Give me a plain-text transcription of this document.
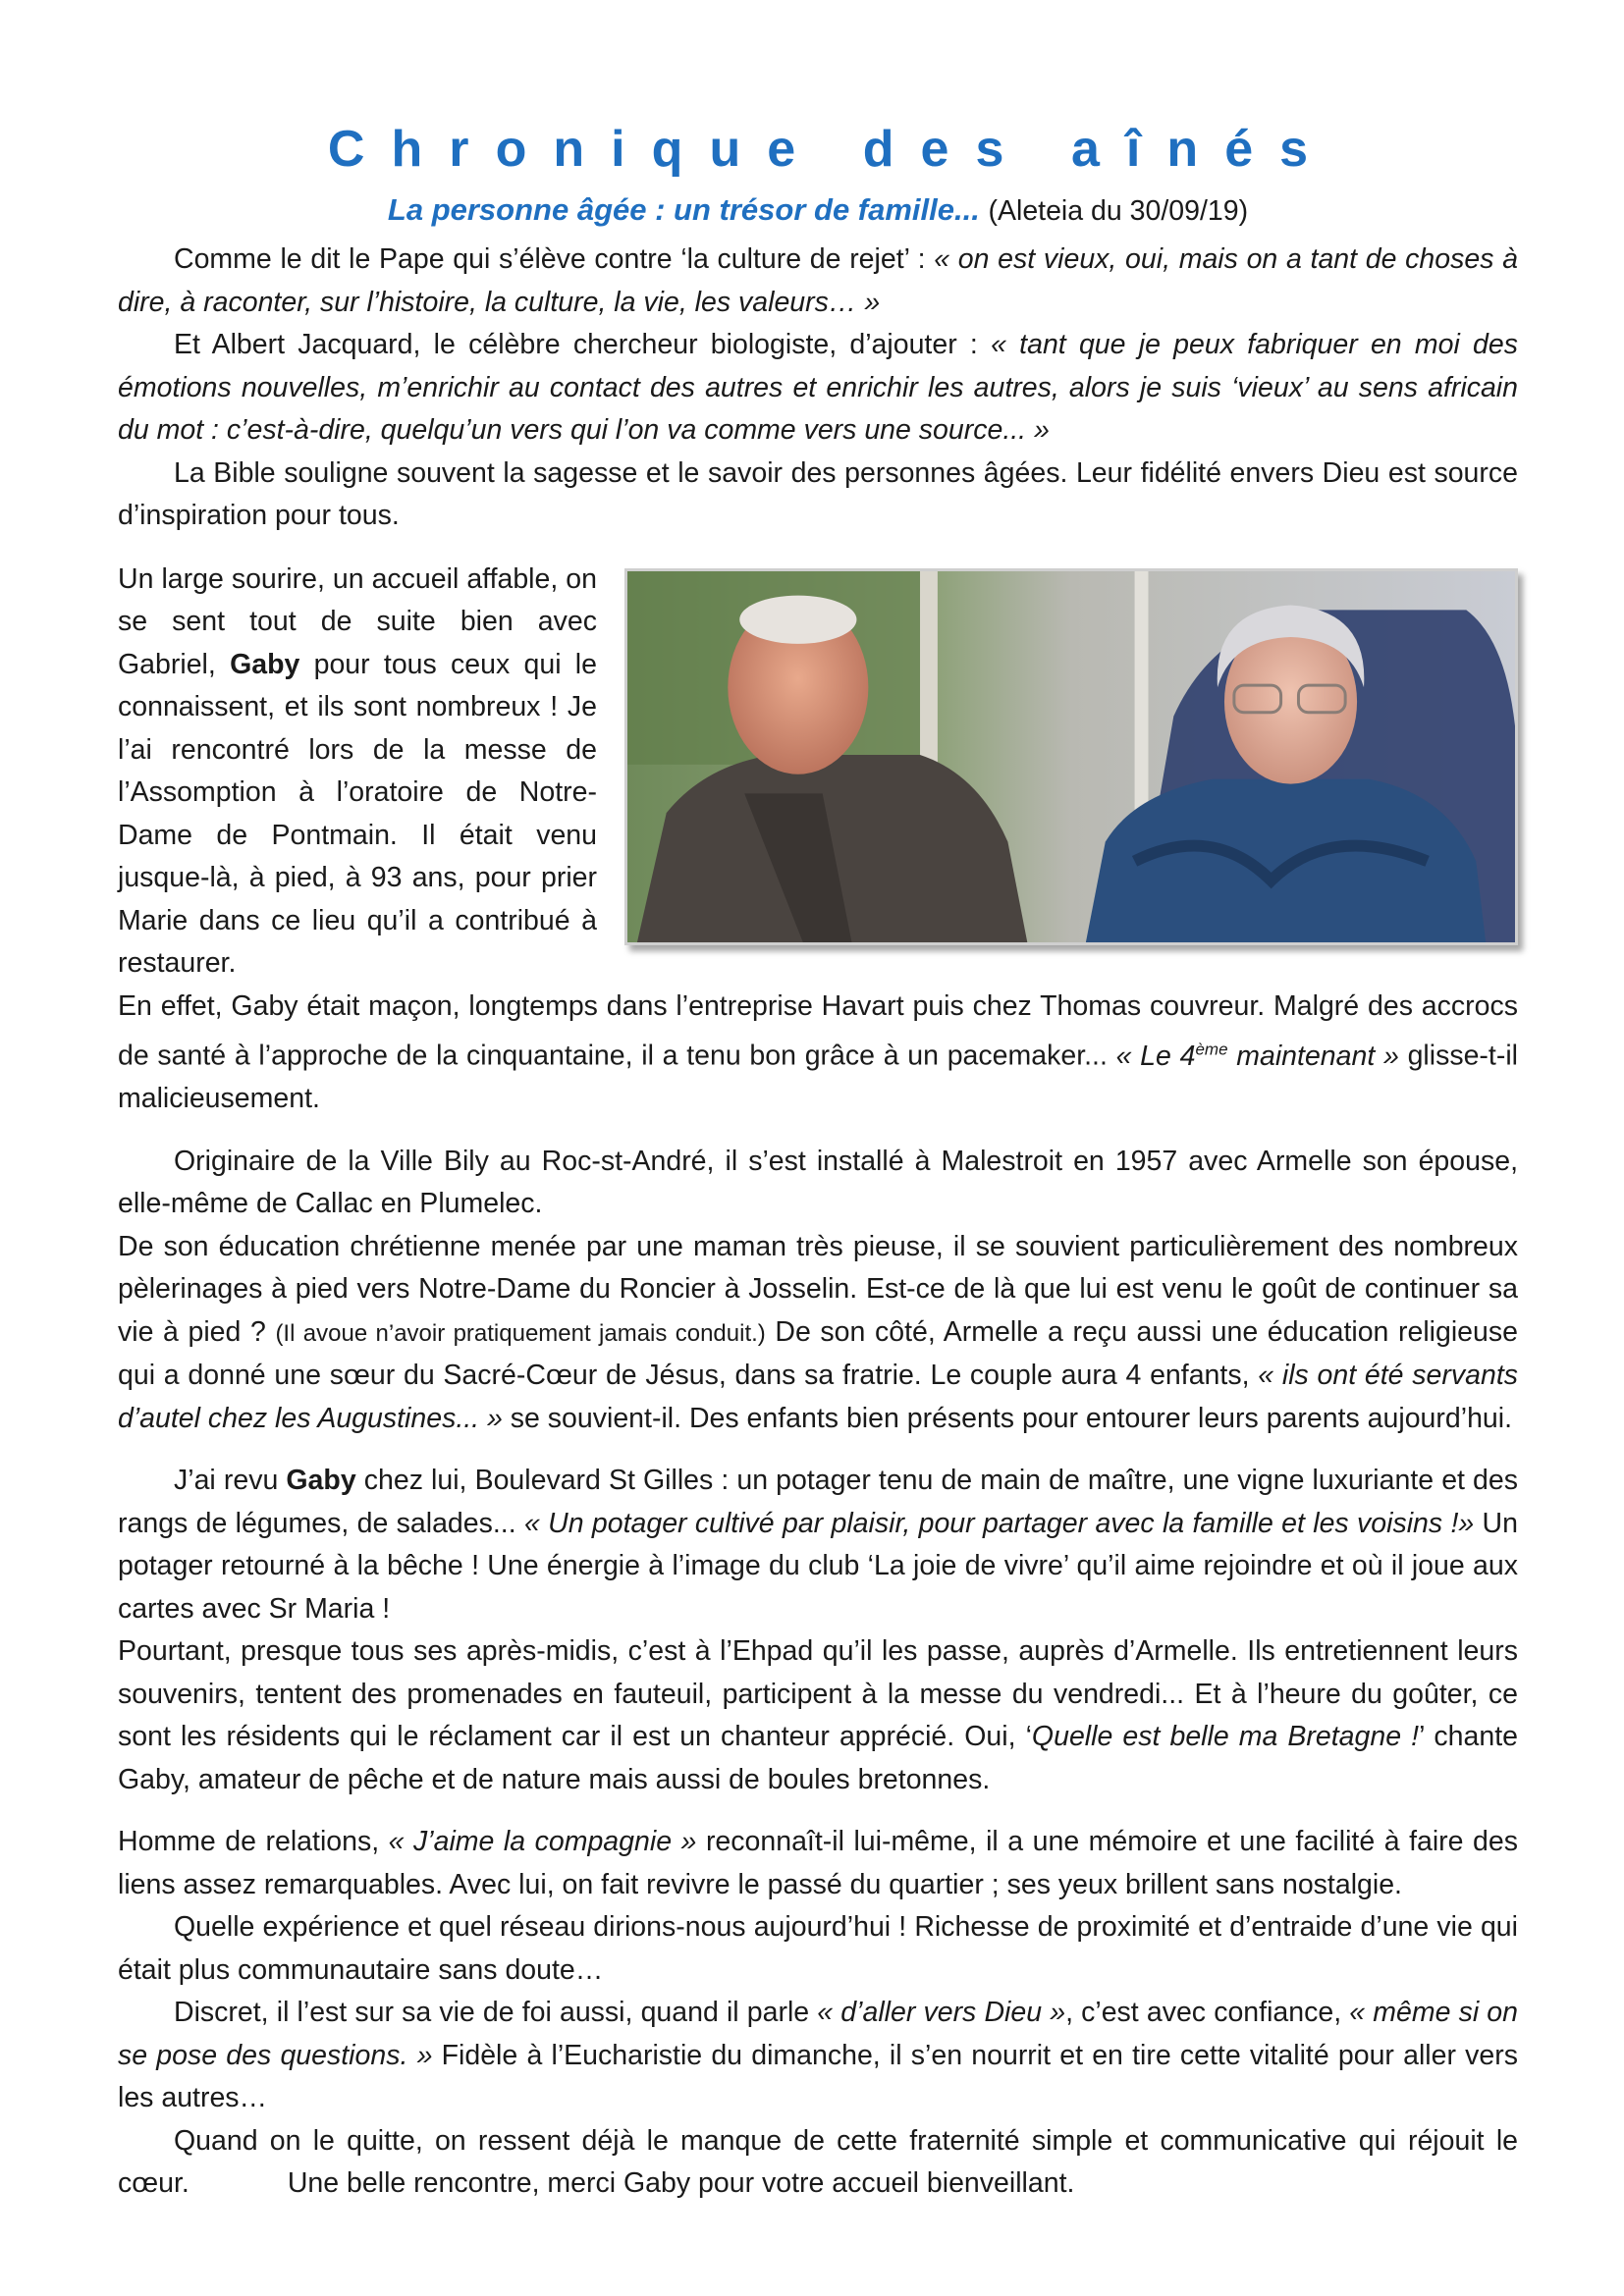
Chronique des aînés
La personne âgée : un trésor de famille... (Aleteia du 30/09/19)

Comme le dit le Pape qui s’élève contre ‘la culture de rejet’ : « on est vieux, oui, mais on a tant de choses à dire, à raconter, sur l’histoire, la culture, la vie, les valeurs… »

Et Albert Jacquard, le célèbre chercheur biologiste, d’ajouter : « tant que je peux fabriquer en moi des émotions nouvelles, m’enrichir au contact des autres et enrichir les autres, alors je suis ‘vieux’ au sens africain du mot : c’est-à-dire, quelqu’un vers qui l’on va comme vers une source... »

La Bible souligne souvent la sagesse et le savoir des personnes âgées. Leur fidélité envers Dieu est source d’inspiration pour tous.

Un large sourire, un accueil affable, on se sent tout de suite bien avec Gabriel, Gaby pour tous ceux qui le connaissent, et ils sont nombreux ! Je l’ai rencontré lors de la messe de l’Assomption à l’oratoire de Notre-Dame de Pontmain. Il était venu jusque-là, à pied, à 93 ans, pour prier Marie dans ce lieu qu’il a contribué à restaurer.

En effet, Gaby était maçon, longtemps dans l’entreprise Havart puis chez Thomas couvreur. Malgré des accrocs de santé à l’approche de la cinquantaine, il a tenu bon grâce à un pacemaker... « Le 4ème maintenant » glisse-t-il malicieusement.

Originaire de la Ville Bily au Roc-st-André, il s’est installé à Malestroit en 1957 avec Armelle son épouse, elle-même de Callac en Plumelec.

De son éducation chrétienne menée par une maman très pieuse, il se souvient particulièrement des nombreux pèlerinages à pied vers Notre-Dame du Roncier à Josselin. Est-ce de là que lui est venu le goût de continuer sa vie à pied ? (Il avoue n’avoir pratiquement jamais conduit.) De son côté, Armelle a reçu aussi une éducation religieuse qui a donné une sœur du Sacré-Cœur de Jésus, dans sa fratrie. Le couple aura 4 enfants, « ils ont été servants d’autel chez les Augustines... » se souvient-il. Des enfants bien présents pour entourer leurs parents aujourd’hui.

J’ai revu Gaby chez lui, Boulevard St Gilles : un potager tenu de main de maître, une vigne luxuriante et des rangs de légumes, de salades... « Un potager cultivé par plaisir, pour partager avec la famille et les voisins !» Un potager retourné à la bêche ! Une énergie à l’image du club ‘La joie de vivre’ qu’il aime rejoindre et où il joue aux cartes avec Sr Maria !

Pourtant, presque tous ses après-midis, c’est à l’Ehpad qu’il les passe, auprès d’Armelle. Ils entretiennent leurs souvenirs, tentent des promenades en fauteuil, participent à la messe du vendredi... Et à l’heure du goûter, ce sont les résidents qui le réclament car il est un chanteur apprécié. Oui, ‘Quelle est belle ma Bretagne !’ chante Gaby, amateur de pêche et de nature mais aussi de boules bretonnes.

Homme de relations, « J’aime la compagnie » reconnaît-il lui-même, il a une mémoire et une facilité à faire des liens assez remarquables. Avec lui, on fait revivre le passé du quartier ; ses yeux brillent sans nostalgie.

Quelle expérience et quel réseau dirions-nous aujourd’hui ! Richesse de proximité et d’entraide d’une vie qui était plus communautaire sans doute…

Discret, il l’est sur sa vie de foi aussi, quand il parle « d’aller vers Dieu », c’est avec confiance, « même si on se pose des questions. » Fidèle à l’Eucharistie du dimanche, il s’en nourrit et en tire cette vitalité pour aller vers les autres…

Quand on le quitte, on ressent déjà le manque de cette fraternité simple et communicative qui réjouit le cœur.	Une belle rencontre, merci Gaby pour votre accueil bienveillant.
